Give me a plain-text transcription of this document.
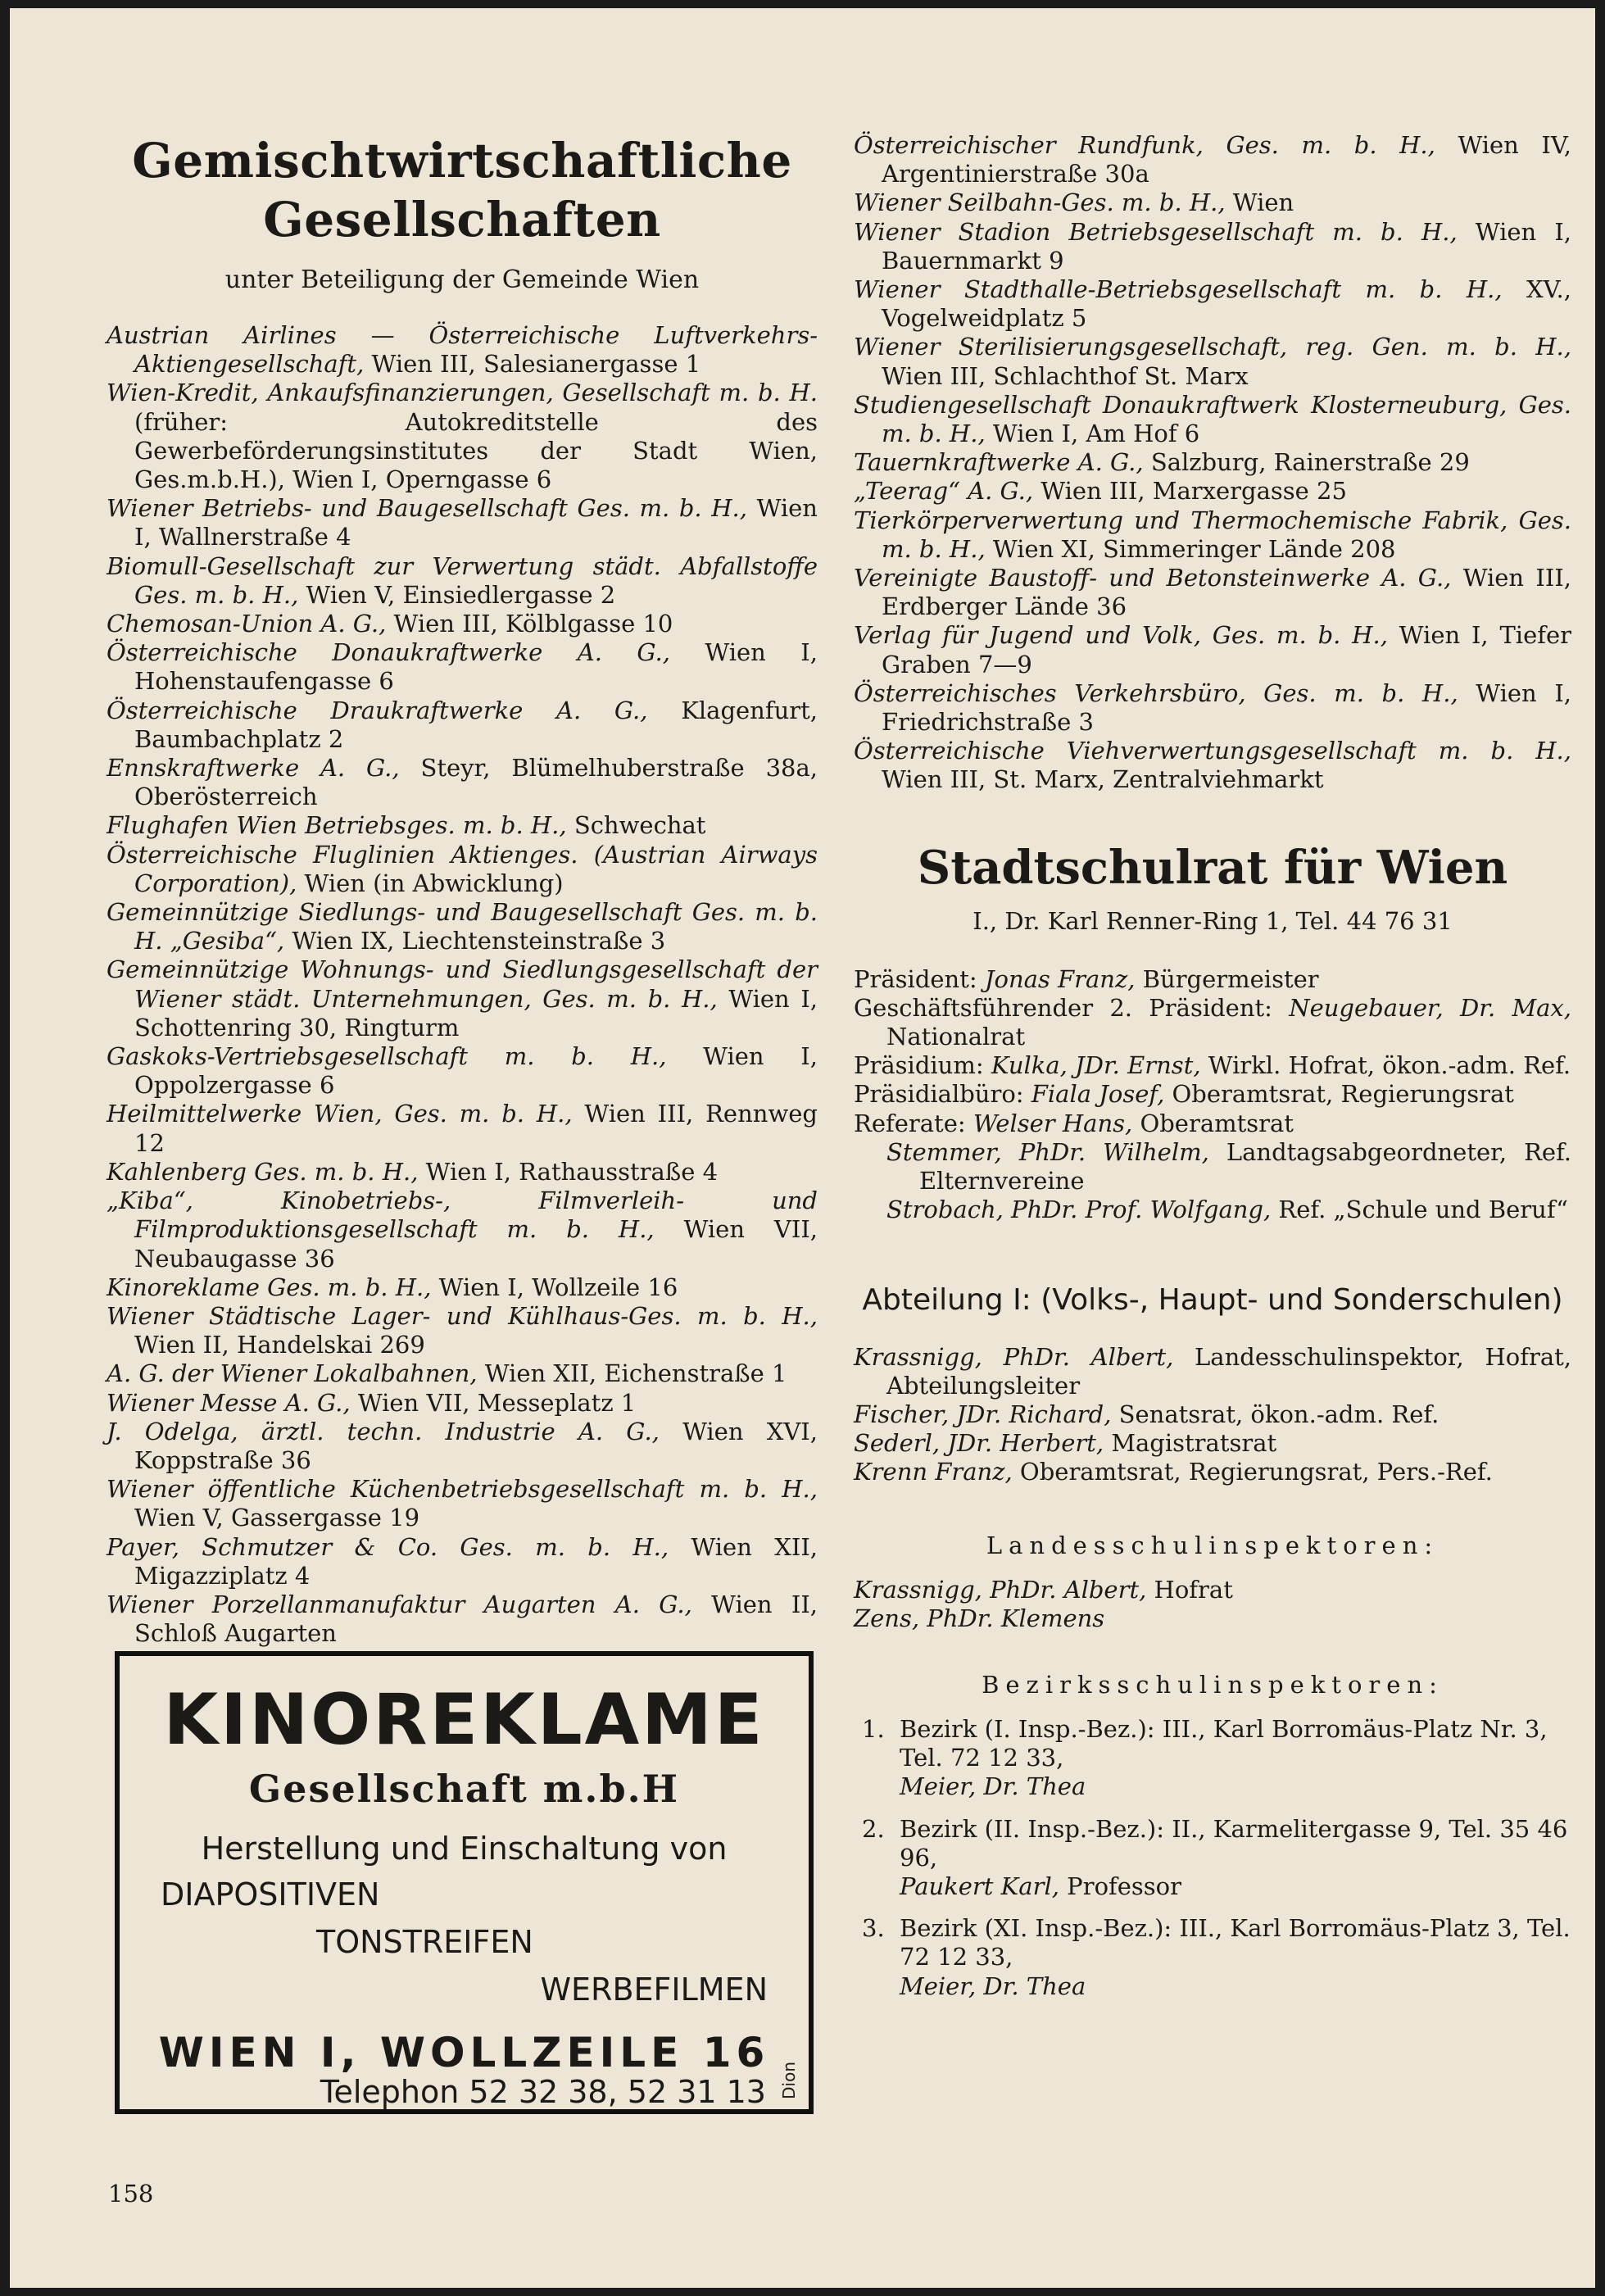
Gemischtwirtschaftliche Gesellschaften
unter Beteiligung der Gemeinde Wien
Austrian Airlines — Österreichische Luftverkehrs-Aktiengesellschaft, Wien III, Salesianergasse 1
Wien-Kredit, Ankaufsfinanzierungen, Gesellschaft m. b. H. (früher: Autokreditstelle des Gewerbeförderungsinstitutes der Stadt Wien, Ges.m.b.H.), Wien I, Operngasse 6
Wiener Betriebs- und Baugesellschaft Ges. m. b. H., Wien I, Wallnerstraße 4
Biomull-Gesellschaft zur Verwertung städt. Abfallstoffe Ges. m. b. H., Wien V, Einsiedlergasse 2
Chemosan-Union A. G., Wien III, Kölblgasse 10
Österreichische Donaukraftwerke A. G., Wien I, Hohenstaufengasse 6
Österreichische Draukraftwerke A. G., Klagenfurt, Baumbachplatz 2
Ennskraftwerke A. G., Steyr, Blümelhuberstraße 38a, Oberösterreich
Flughafen Wien Betriebsges. m. b. H., Schwechat
Österreichische Fluglinien Aktienges. (Austrian Airways Corporation), Wien (in Abwicklung)
Gemeinnützige Siedlungs- und Baugesellschaft Ges. m. b. H. „Gesiba“, Wien IX, Liechtensteinstraße 3
Gemeinnützige Wohnungs- und Siedlungsgesellschaft der Wiener städt. Unternehmungen, Ges. m. b. H., Wien I, Schottenring 30, Ringturm
Gaskoks-Vertriebsgesellschaft m. b. H., Wien I, Oppolzergasse 6
Heilmittelwerke Wien, Ges. m. b. H., Wien III, Rennweg 12
Kahlenberg Ges. m. b. H., Wien I, Rathausstraße 4
„Kiba“, Kinobetriebs-, Filmverleih- und Filmproduktionsgesellschaft m. b. H., Wien VII, Neubaugasse 36
Kinoreklame Ges. m. b. H., Wien I, Wollzeile 16
Wiener Städtische Lager- und Kühlhaus-Ges. m. b. H., Wien II, Handelskai 269
A. G. der Wiener Lokalbahnen, Wien XII, Eichenstraße 1
Wiener Messe A. G., Wien VII, Messeplatz 1
J. Odelga, ärztl. techn. Industrie A. G., Wien XVI, Koppstraße 36
Wiener öffentliche Küchenbetriebsgesellschaft m. b. H., Wien V, Gassergasse 19
Payer, Schmutzer & Co. Ges. m. b. H., Wien XII, Migazziplatz 4
Wiener Porzellanmanufaktur Augarten A. G., Wien II, Schloß Augarten
KINOREKLAME
Gesellschaft m.b.H
Herstellung und Einschaltung von
DIAPOSITIVEN
TONSTREIFEN
WERBEFILMEN
WIEN I, WOLLZEILE 16
Telephon 52 32 38, 52 31 13 Dion
158
Österreichischer Rundfunk, Ges. m. b. H., Wien IV, Argentinierstraße 30a
Wiener Seilbahn-Ges. m. b. H., Wien
Wiener Stadion Betriebsgesellschaft m. b. H., Wien I, Bauernmarkt 9
Wiener Stadthalle-Betriebsgesellschaft m. b. H., XV., Vogelweidplatz 5
Wiener Sterilisierungsgesellschaft, reg. Gen. m. b. H., Wien III, Schlachthof St. Marx
Studiengesellschaft Donaukraftwerk Klosterneuburg, Ges. m. b. H., Wien I, Am Hof 6
Tauernkraftwerke A. G., Salzburg, Rainerstraße 29
„Teerag“ A. G., Wien III, Marxergasse 25
Tierkörperverwertung und Thermochemische Fabrik, Ges. m. b. H., Wien XI, Simmeringer Lände 208
Vereinigte Baustoff- und Betonsteinwerke A. G., Wien III, Erdberger Lände 36
Verlag für Jugend und Volk, Ges. m. b. H., Wien I, Tiefer Graben 7—9
Österreichisches Verkehrsbüro, Ges. m. b. H., Wien I, Friedrichstraße 3
Österreichische Viehverwertungsgesellschaft m. b. H., Wien III, St. Marx, Zentralviehmarkt
Stadtschulrat für Wien
I., Dr. Karl Renner-Ring 1, Tel. 44 76 31
Präsident: Jonas Franz, Bürgermeister
Geschäftsführender 2. Präsident: Neugebauer, Dr. Max, Nationalrat
Präsidium: Kulka, JDr. Ernst, Wirkl. Hofrat, ökon.-adm. Ref.
Präsidialbüro: Fiala Josef, Oberamtsrat, Regierungsrat
Referate: Welser Hans, Oberamtsrat
Stemmer, PhDr. Wilhelm, Landtagsabgeordneter, Ref. Elternvereine
Strobach, PhDr. Prof. Wolfgang, Ref. „Schule und Beruf“
Abteilung I: (Volks-, Haupt- und Sonderschulen)
Krassnigg, PhDr. Albert, Landesschulinspektor, Hofrat, Abteilungsleiter
Fischer, JDr. Richard, Senatsrat, ökon.-adm. Ref.
Sederl, JDr. Herbert, Magistratsrat
Krenn Franz, Oberamtsrat, Regierungsrat, Pers.-Ref.
Landesschulinspektoren:
Krassnigg, PhDr. Albert, Hofrat
Zens, PhDr. Klemens
Bezirksschulinspektoren:
1. Bezirk (I. Insp.-Bez.): III., Karl Borromäus-Platz Nr. 3, Tel. 72 12 33,
Meier, Dr. Thea
2. Bezirk (II. Insp.-Bez.): II., Karmelitergasse 9, Tel. 35 46 96,
Paukert Karl, Professor
3. Bezirk (XI. Insp.-Bez.): III., Karl Borromäus-Platz 3, Tel. 72 12 33,
Meier, Dr. Thea
